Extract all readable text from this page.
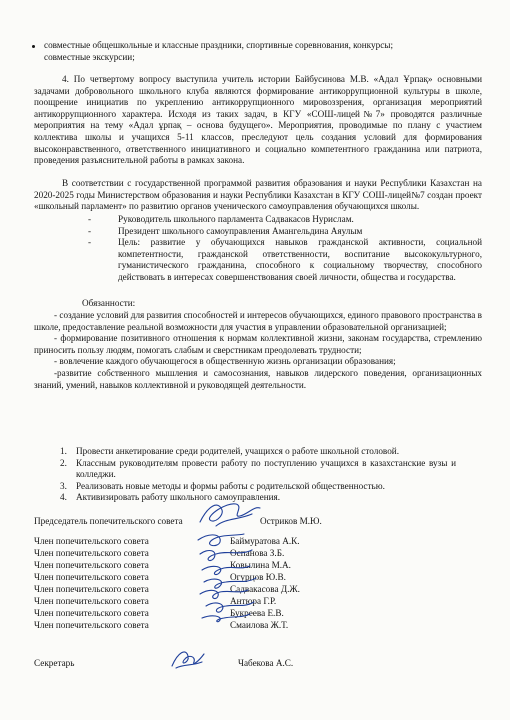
совместные общешкольные и классные праздники, спортивные соревнования, конкурсы;
совместные экскурсии;

4. По четвертому вопросу выступила учитель истории Байбусинова М.В. «Адал Ұрпақ» основными задачами добровольного школьного клуба являются формирование антикоррупционной культуры в школе, поощрение инициатив по укреплению антикоррупционного мировоззрения, организация мероприятий антикоррупционного характера. Исходя из таких задач, в КГУ «СОШ-лицей№7» проводятся различные мероприятия на тему «Адал ұрпақ – основа будущего». Мероприятия, проводимые по плану с участием коллектива школы и учащихся 5-11 классов, преследуют цель создания условий для формирования высоконравственного, ответственного инициативного и социально компетентного гражданина или патриота, проведения разъяснительной работы в рамках закона.

В соответствии с государственной программой развития образования и науки Республики Казахстан на 2020-2025 годы Министерством образования и науки Республики Казахстан в КГУ СОШ-лицей№7 создан проект «школьный парламент» по развитию органов ученического самоуправления обучающихся школы.

-	Руководитель школьного парламента Садвакасов Нурислам.
-	Президент школьного самоуправления Амангельдина Аяулым
-	Цель: развитие у обучающихся навыков гражданской активности, социальной компетентности, гражданской ответственности, воспитание высококультурного, гуманистического гражданина, способного к социальному творчеству, способного действовать в интересах совершенствования своей личности, общества и государства.
Обязанности:

- создание условий для развития способностей и интересов обучающихся, единого правового пространства в школе, предоставление реальной возможности для участия в управлении образовательной организацией;

- формирование позитивного отношения к нормам коллективной жизни, законам государства, стремлению приносить пользу людям, помогать слабым и сверстникам преодолевать трудности;

- вовлечение каждого обучающегося в общественную жизнь организации образования;

-развитие собственного мышления и самосознания, навыков лидерского поведения, организационных знаний, умений, навыков коллективной и руководящей деятельности.

1. Провести анкетирование среди родителей, учащихся о работе школьной столовой.
2. Классным руководителям провести работу по поступлению учащихся в казахстанские вузы и колледжи.
3. Реализовать новые методы и формы работы с родительской общественностью.
4. Активизировать работу школьного самоуправления.
Председатель попечительского совета	Остриков М.Ю.
Член попечительского совета	Баймуратова А.К.
Член попечительского совета	Оспанова З.Б.
Член попечительского совета	Ковылина М.А.
Член попечительского совета	Огурцов Ю.В.
Член попечительского совета	Садвакасова Д.Ж.
Член попечительского совета	Антюра Г.Р.
Член попечительского совета	Букреева Е.В.
Член попечительского совета	Смаилова Ж.Т.
Секретарь	Чабекова А.С.
